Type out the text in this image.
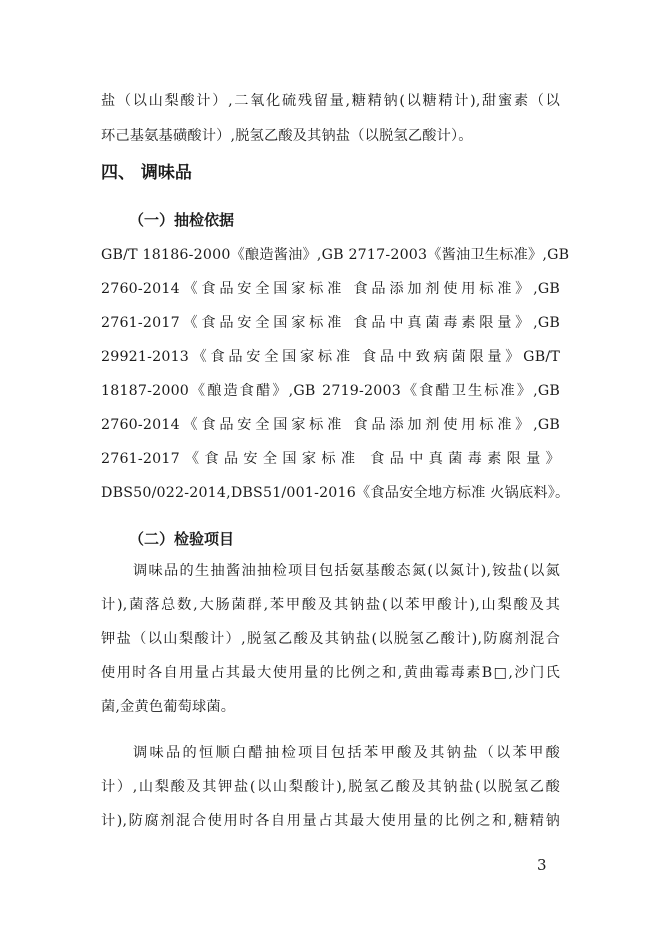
盐（以山梨酸计）,二氧化硫残留量,糖精钠(以糖精计),甜蜜素（以
环己基氨基磺酸计）,脱氢乙酸及其钠盐（以脱氢乙酸计）。
四、 调味品
（一）抽检依据
GB/T 18186-2000《酿造酱油》,GB 2717-2003《酱油卫生标准》,GB
2760-2014《食品安全国家标准 食品添加剂使用标准》,GB
2761-2017《食品安全国家标准 食品中真菌毒素限量》,GB
29921-2013《食品安全国家标准 食品中致病菌限量》GB/T
18187-2000《酿造食醋》,GB 2719-2003《食醋卫生标准》,GB
2760-2014《食品安全国家标准 食品添加剂使用标准》,GB
2761-2017《食品安全国家标准 食品中真菌毒素限量》
DBS50/022-2014,DBS51/001-2016《食品安全地方标准 火锅底料》。
（二）检验项目
调味品的生抽酱油抽检项目包括氨基酸态氮(以氮计),铵盐(以氮
计),菌落总数,大肠菌群,苯甲酸及其钠盐(以苯甲酸计),山梨酸及其
钾盐（以山梨酸计）,脱氢乙酸及其钠盐(以脱氢乙酸计),防腐剂混合
使用时各自用量占其最大使用量的比例之和,黄曲霉毒素B□,沙门氏
菌,金黄色葡萄球菌。
调味品的恒顺白醋抽检项目包括苯甲酸及其钠盐（以苯甲酸
计）,山梨酸及其钾盐(以山梨酸计),脱氢乙酸及其钠盐(以脱氢乙酸
计),防腐剂混合使用时各自用量占其最大使用量的比例之和,糖精钠
3
